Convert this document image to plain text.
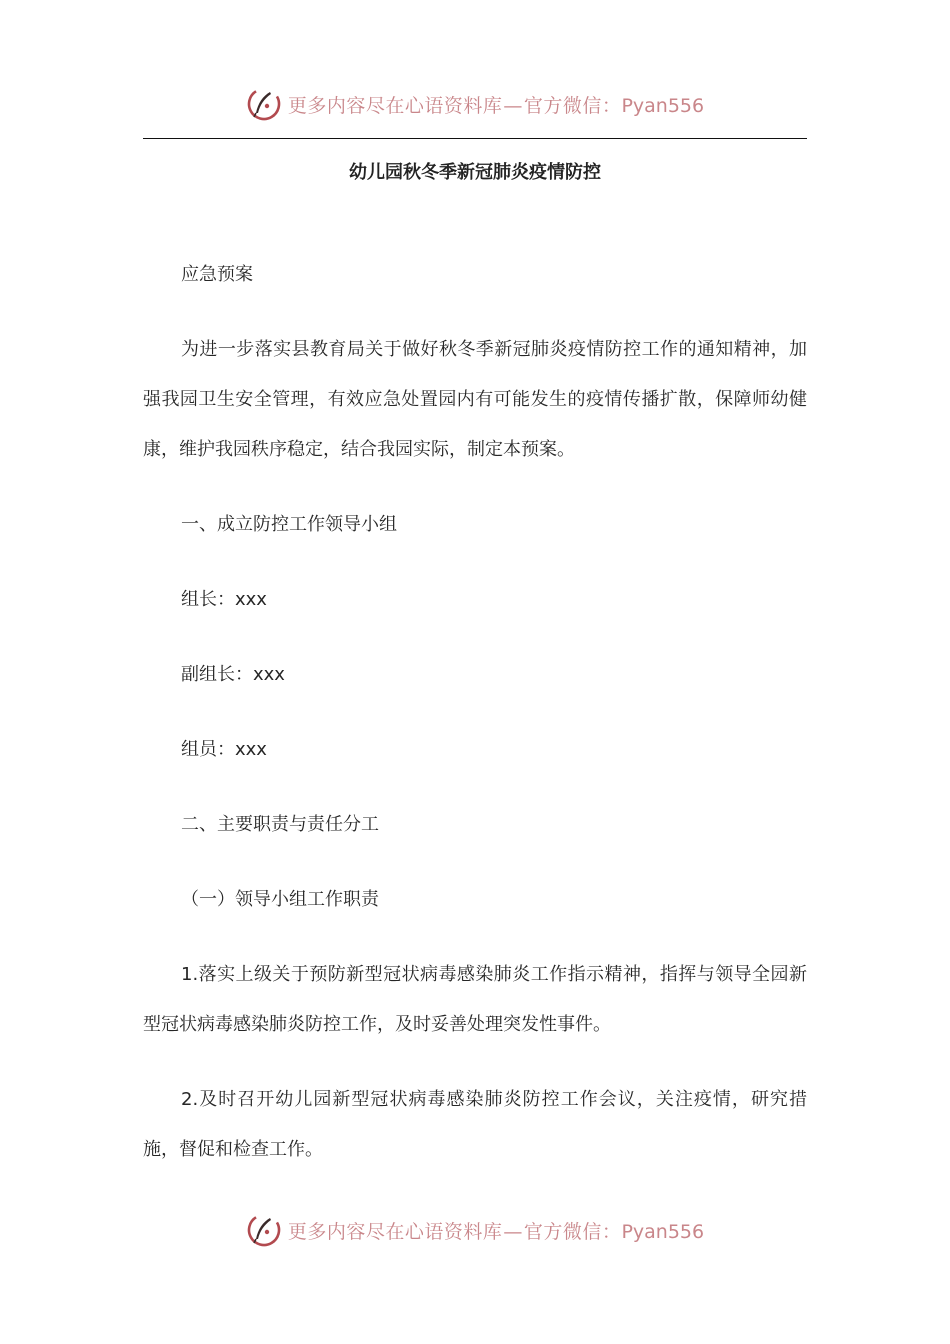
更多内容尽在心语资料库—官方微信：Pyan556
幼儿园秋冬季新冠肺炎疫情防控

应急预案

为进一步落实县教育局关于做好秋冬季新冠肺炎疫情防控工作的通知精神，加强我园卫生安全管理，有效应急处置园内有可能发生的疫情传播扩散，保障师幼健康，维护我园秩序稳定，结合我园实际，制定本预案。

一、成立防控工作领导小组

组长：xxx

副组长：xxx

组员：xxx

二、主要职责与责任分工

（一）领导小组工作职责

1.落实上级关于预防新型冠状病毒感染肺炎工作指示精神，指挥与领导全园新型冠状病毒感染肺炎防控工作，及时妥善处理突发性事件。

2.及时召开幼儿园新型冠状病毒感染肺炎防控工作会议，关注疫情，研究措施，督促和检查工作。

更多内容尽在心语资料库—官方微信：Pyan556
